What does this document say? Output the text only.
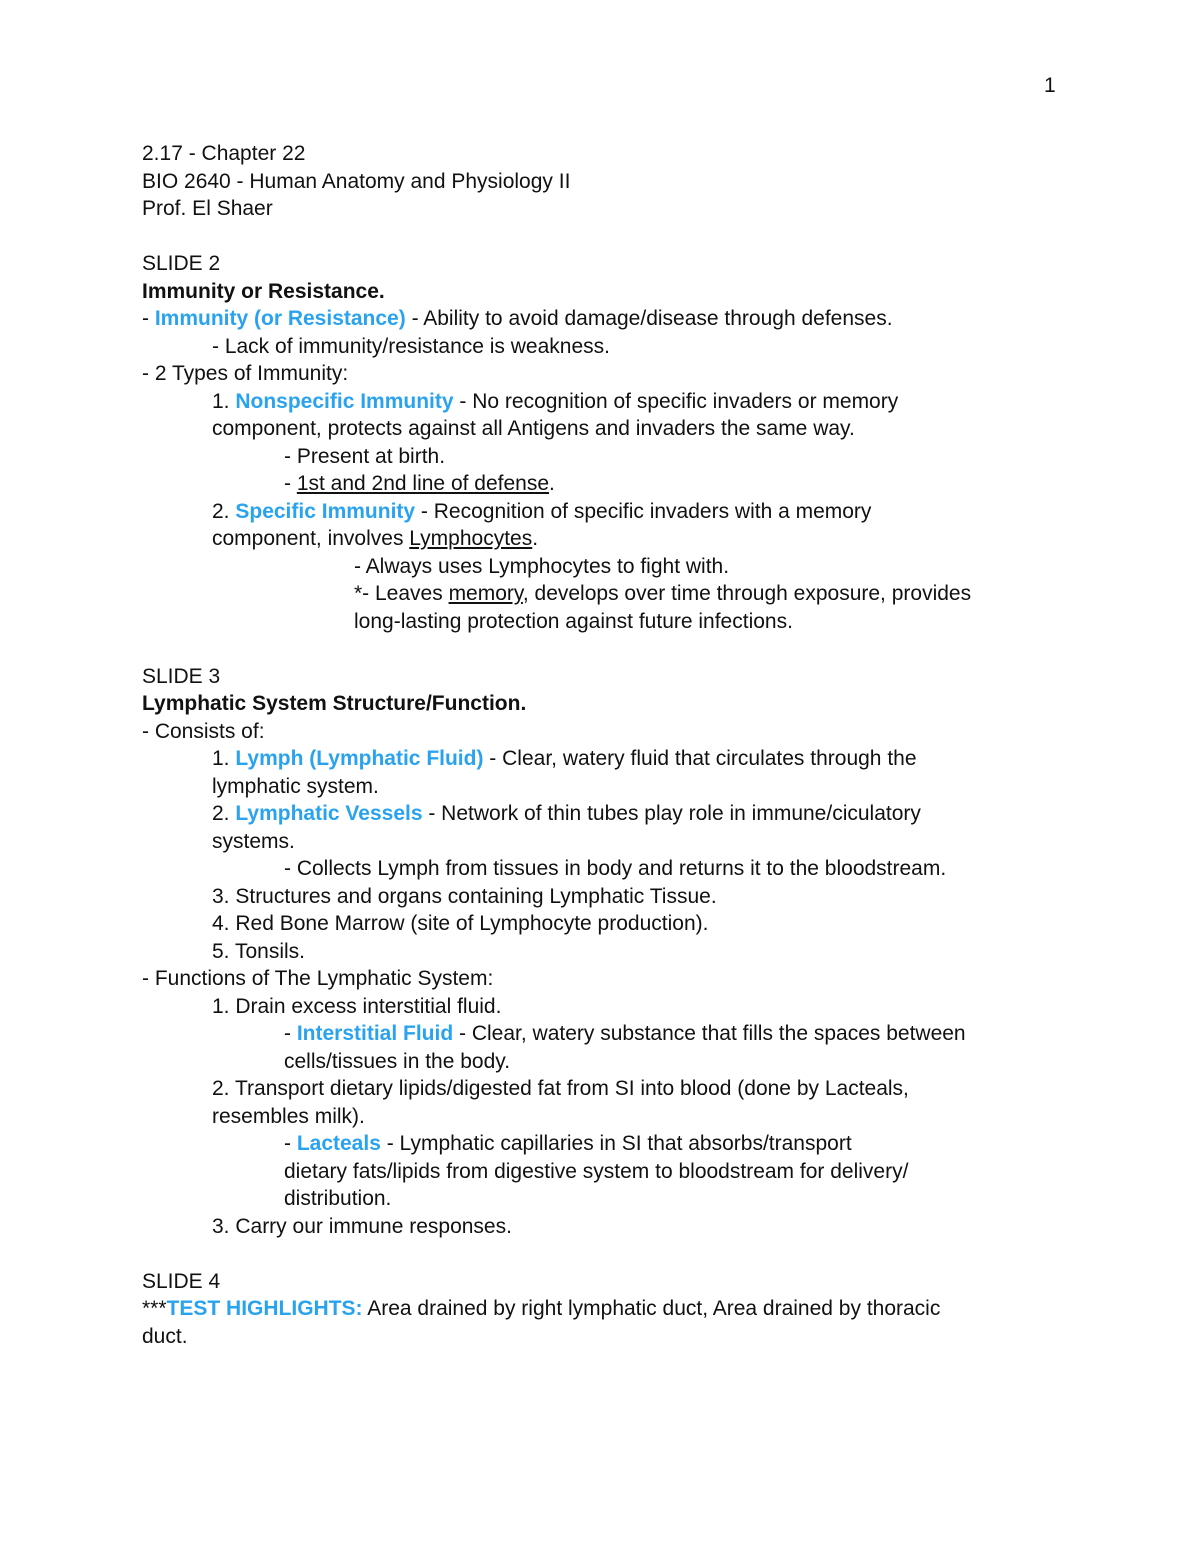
1
2.17 - Chapter 22
BIO 2640 - Human Anatomy and Physiology II
Prof. El Shaer
SLIDE 2
Immunity or Resistance.
- Immunity (or Resistance) - Ability to avoid damage/disease through defenses.
- Lack of immunity/resistance is weakness.
- 2 Types of Immunity:
1. Nonspecific Immunity - No recognition of specific invaders or memory
component, protects against all Antigens and invaders the same way.
- Present at birth.
- 1st and 2nd line of defense.
2. Specific Immunity - Recognition of specific invaders with a memory
component, involves Lymphocytes.
- Always uses Lymphocytes to fight with.
*- Leaves memory, develops over time through exposure, provides
long-lasting protection against future infections.
SLIDE 3
Lymphatic System Structure/Function.
- Consists of:
1. Lymph (Lymphatic Fluid) - Clear, watery fluid that circulates through the
lymphatic system.
2. Lymphatic Vessels - Network of thin tubes play role in immune/ciculatory
systems.
- Collects Lymph from tissues in body and returns it to the bloodstream.
3. Structures and organs containing Lymphatic Tissue.
4. Red Bone Marrow (site of Lymphocyte production).
5. Tonsils.
- Functions of The Lymphatic System:
1. Drain excess interstitial fluid.
- Interstitial Fluid - Clear, watery substance that fills the spaces between
cells/tissues in the body.
2. Transport dietary lipids/digested fat from SI into blood (done by Lacteals,
resembles milk).
- Lacteals - Lymphatic capillaries in SI that absorbs/transport
dietary fats/lipids from digestive system to bloodstream for delivery/
distribution.
3. Carry our immune responses.
SLIDE 4
***TEST HIGHLIGHTS: Area drained by right lymphatic duct, Area drained by thoracic
duct.
